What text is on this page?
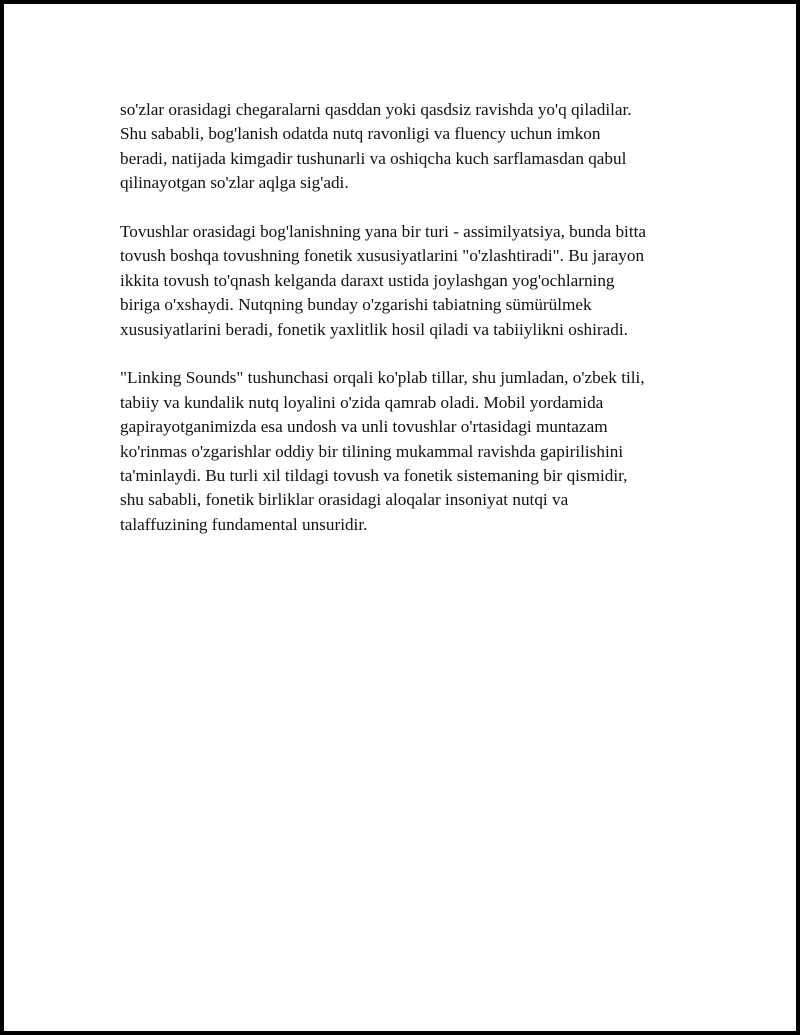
so'zlar orasidagi chegaralarni qasddan yoki qasdsiz ravishda yo'q qiladilar.
Shu sababli, bog'lanish odatda nutq ravonligi va fluency uchun imkon
beradi, natijada kimgadir tushunarli va oshiqcha kuch sarflamasdan qabul
qilinayotgan so'zlar aqlga sig'adi.

Tovushlar orasidagi bog'lanishning yana bir turi - assimilyatsiya, bunda bitta
tovush boshqa tovushning fonetik xususiyatlarini "o'zlashtiradi". Bu jarayon
ikkita tovush to'qnash kelganda daraxt ustida joylashgan yog'ochlarning
biriga o'xshaydi. Nutqning bunday o'zgarishi tabiatning sümürülmek
xususiyatlarini beradi, fonetik yaxlitlik hosil qiladi va tabiiylikni oshiradi.

"Linking Sounds" tushunchasi orqali ko'plab tillar, shu jumladan, o'zbek tili,
tabiiy va kundalik nutq loyalini o'zida qamrab oladi. Mobil yordamida
gapirayotganimizda esa undosh va unli tovushlar o'rtasidagi muntazam
ko'rinmas o'zgarishlar oddiy bir tilining mukammal ravishda gapirilishini
ta'minlaydi. Bu turli xil tildagi tovush va fonetik sistemaning bir qismidir,
shu sababli, fonetik birliklar orasidagi aloqalar insoniyat nutqi va
talaffuzining fundamental unsuridir.
